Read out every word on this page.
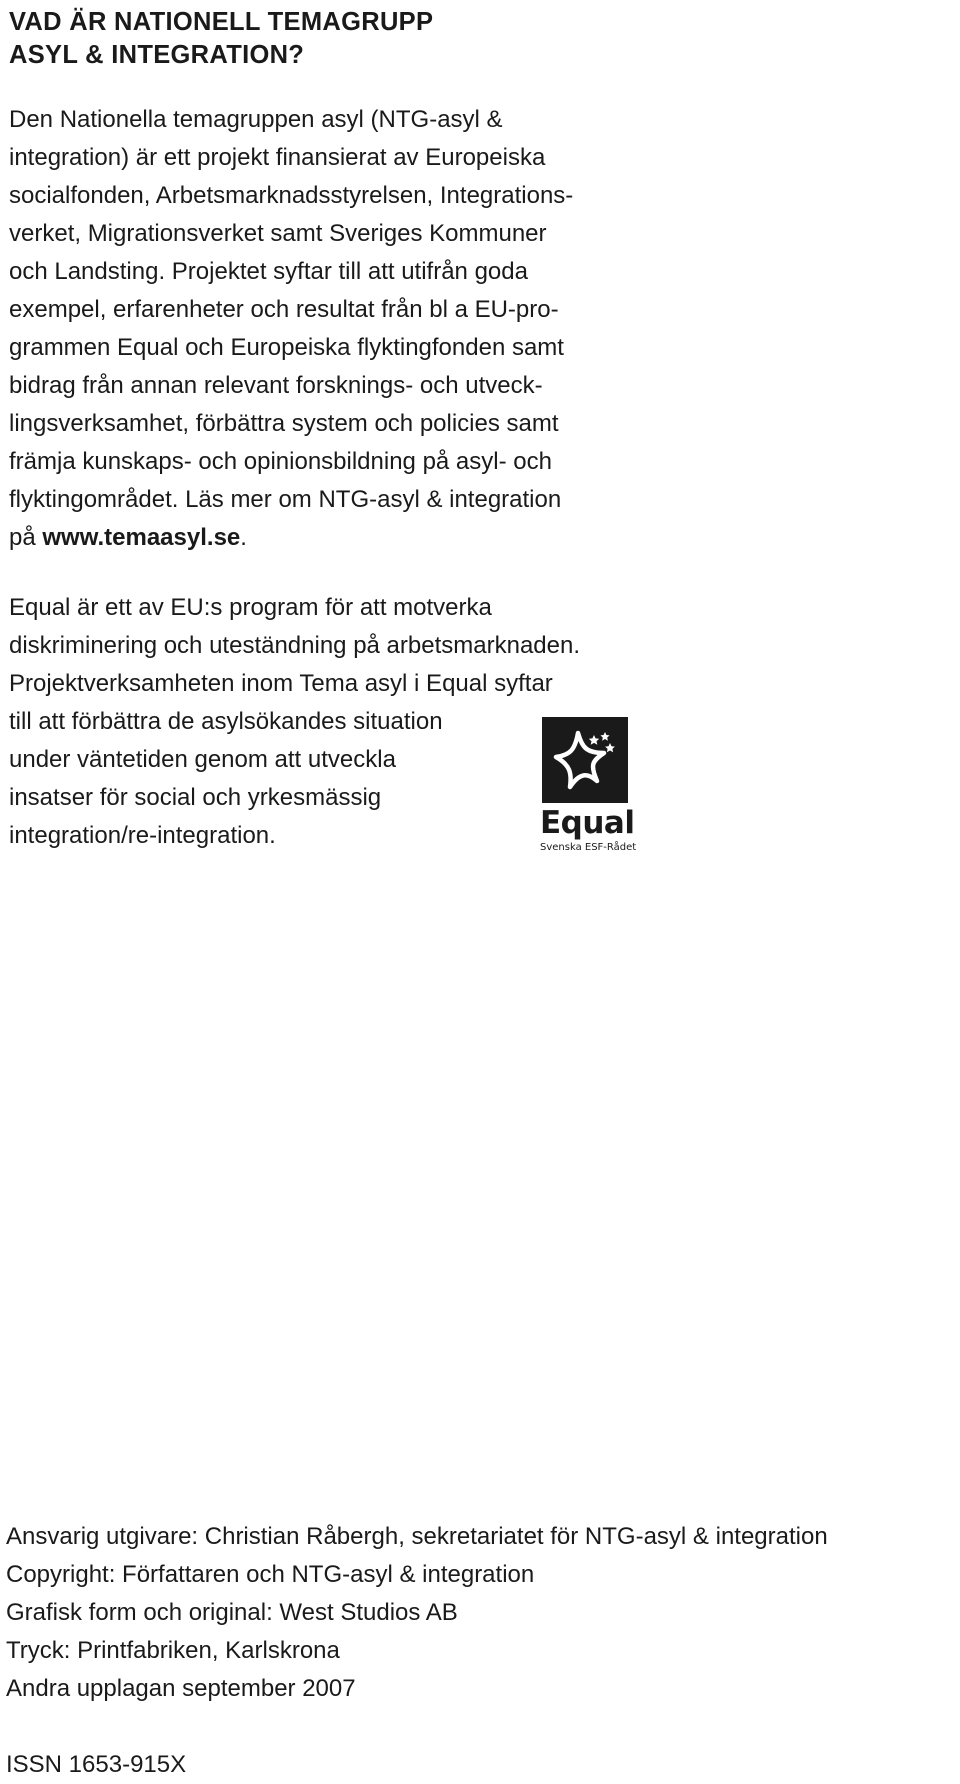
VAD ÄR NATIONELL TEMAGRUPP
ASYL & INTEGRATION?

Den Nationella temagruppen asyl (NTG-asyl &
integration) är ett projekt finansierat av Europeiska
socialfonden, Arbetsmarknadsstyrelsen, Integrations-
verket, Migrationsverket samt Sveriges Kommuner
och Landsting. Projektet syftar till att utifrån goda
exempel, erfarenheter och resultat från bl a EU-pro-
grammen Equal och Europeiska flyktingfonden samt
bidrag från annan relevant forsknings- och utveck-
lingsverksamhet, förbättra system och policies samt
främja kunskaps- och opinionsbildning på asyl- och
flyktingområdet. Läs mer om NTG-asyl & integration
på www.temaasyl.se.

Equal är ett av EU:s program för att motverka
diskriminering och uteständning på arbetsmarknaden.
Projektverksamheten inom Tema asyl i Equal syftar
till att förbättra de asylsökandes situation
under väntetiden genom att utveckla
insatser för social och yrkesmässig
integration/re-integration.	Equal
Svenska ESF-Rådet

Ansvarig utgivare: Christian Råbergh, sekretariatet för NTG-asyl & integration
Copyright: Författaren och NTG-asyl & integration
Grafisk form och original: West Studios AB
Tryck: Printfabriken, Karlskrona
Andra upplagan september 2007

ISSN 1653-915X
